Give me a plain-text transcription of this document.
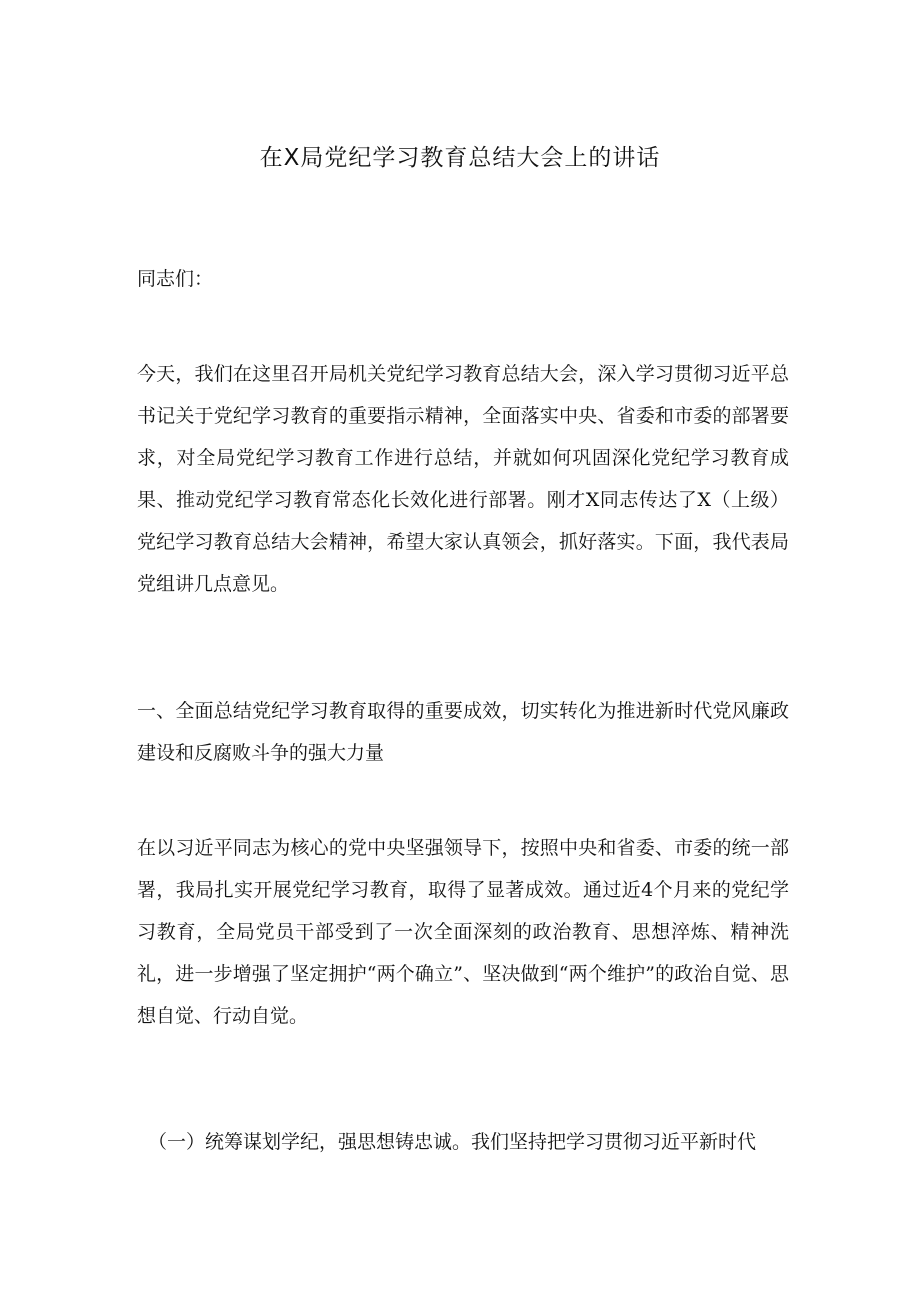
在X局党纪学习教育总结大会上的讲话
同志们：
今天，我们在这里召开局机关党纪学习教育总结大会，深入学习贯彻习近平总书记关于党纪学习教育的重要指示精神，全面落实中央、省委和市委的部署要求，对全局党纪学习教育工作进行总结，并就如何巩固深化党纪学习教育成果、推动党纪学习教育常态化长效化进行部署。刚才X同志传达了X（上级）党纪学习教育总结大会精神，希望大家认真领会，抓好落实。下面，我代表局党组讲几点意见。
一、全面总结党纪学习教育取得的重要成效，切实转化为推进新时代党风廉政建设和反腐败斗争的强大力量
在以习近平同志为核心的党中央坚强领导下，按照中央和省委、市委的统一部署，我局扎实开展党纪学习教育，取得了显著成效。通过近4个月来的党纪学习教育，全局党员干部受到了一次全面深刻的政治教育、思想淬炼、精神洗礼，进一步增强了坚定拥护“两个确立”、坚决做到“两个维护”的政治自觉、思想自觉、行动自觉。
（一）统筹谋划学纪，强思想铸忠诚。我们坚持把学习贯彻习近平新时代
